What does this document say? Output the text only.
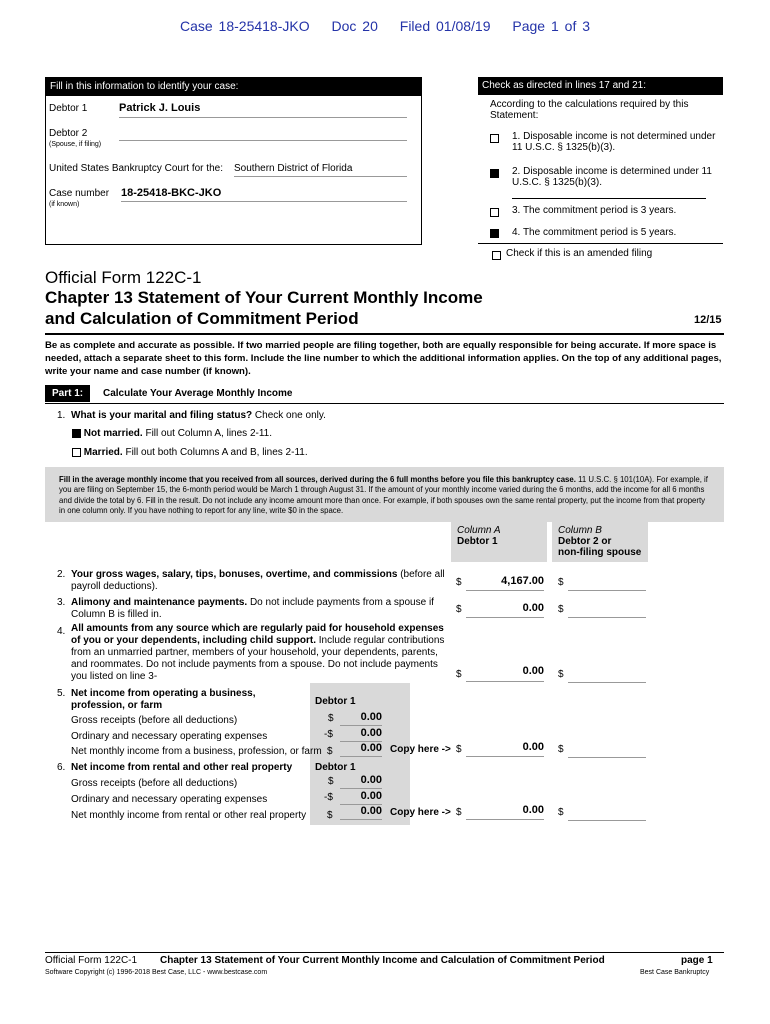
Case 18-25418-JKO Doc 20 Filed 01/08/19 Page 1 of 3
Fill in this information to identify your case:
Debtor 1	Patrick J. Louis
Debtor 2
(Spouse, if filing)
United States Bankruptcy Court for the: Southern District of Florida
Case number
(if known)
18-25418-BKC-JKO
Check as directed in lines 17 and 21:
According to the calculations required by this Statement:
1. Disposable income is not determined under 11 U.S.C. § 1325(b)(3).
2. Disposable income is determined under 11 U.S.C. § 1325(b)(3).
3. The commitment period is 3 years.
4. The commitment period is 5 years.
Check if this is an amended filing
Official Form 122C-1
Chapter 13 Statement of Your Current Monthly Income
and Calculation of Commitment Period	12/15
Be as complete and accurate as possible. If two married people are filing together, both are equally responsible for being accurate. If more space is needed, attach a separate sheet to this form. Include the line number to which the additional information applies. On the top of any additional pages, write your name and case number (if known).
Part 1:	Calculate Your Average Monthly Income
1. What is your marital and filing status? Check one only.
Not married. Fill out Column A, lines 2-11.
Married. Fill out both Columns A and B, lines 2-11.
Fill in the average monthly income that you received from all sources, derived during the 6 full months before you file this bankruptcy case. 11 U.S.C. § 101(10A). For example, if you are filing on September 15, the 6-month period would be March 1 through August 31. If the amount of your monthly income varied during the 6 months, add the income for all 6 months and divide the total by 6. Fill in the result. Do not include any income amount more than once. For example, if both spouses own the same rental property, put the income from that property in one column only. If you have nothing to report for any line, write $0 in the space.
Column A
Debtor 1
Column B
Debtor 2 or
non-filing spouse
2. Your gross wages, salary, tips, bonuses, overtime, and commissions (before all payroll deductions).	$	4,167.00 $
3. Alimony and maintenance payments. Do not include payments from a spouse if Column B is filled in.	$	0.00 $
4. All amounts from any source which are regularly paid for household expenses of you or your dependents, including child support. Include regular contributions from an unmarried partner, members of your household, your dependents, parents, and roommates. Do not include payments from a spouse. Do not include payments you listed on line 3-	$	0.00 $
5. Net income from operating a business, profession, or farm	Debtor 1
Gross receipts (before all deductions)	$	0.00
Ordinary and necessary operating expenses	-$	0.00
Net monthly income from a business, profession, or farm $	0.00 Copy here -> $	0.00 $
6. Net income from rental and other real property Debtor 1
Gross receipts (before all deductions)	$	0.00
Ordinary and necessary operating expenses	-$	0.00
Net monthly income from rental or other real property $	0.00 Copy here -> $	0.00 $
Official Form 122C-1 Chapter 13 Statement of Your Current Monthly Income and Calculation of Commitment Period	page 1
Software Copyright (c) 1996-2018 Best Case, LLC - www.bestcase.com	Best Case Bankruptcy
